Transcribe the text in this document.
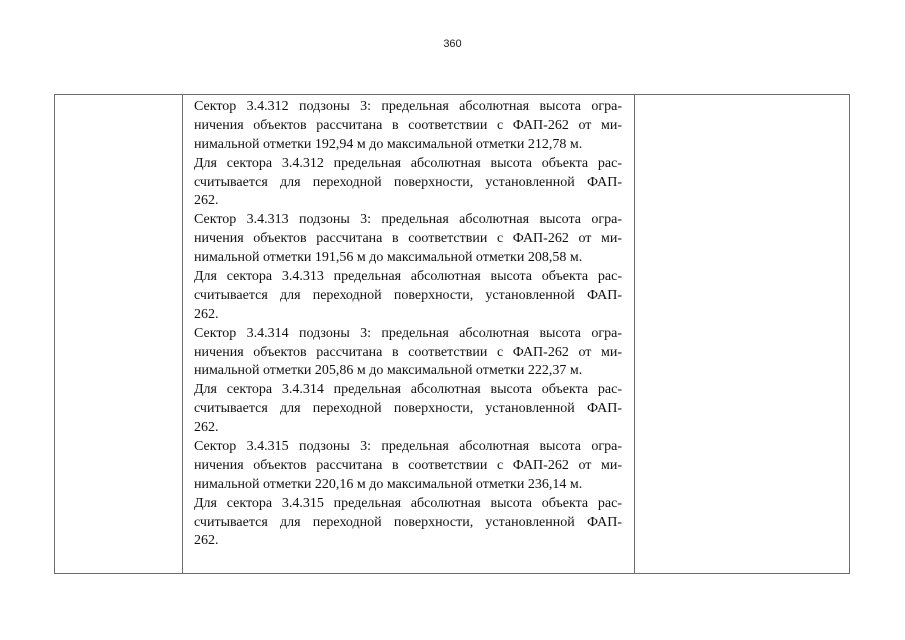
360
Сектор 3.4.312 подзоны 3: предельная абсолютная высота огра-
ничения объектов рассчитана в соответствии с ФАП-262 от ми-
нимальной отметки 192,94 м до максимальной отметки 212,78 м.
Для сектора 3.4.312 предельная абсолютная высота объекта рас-
считывается для переходной поверхности, установленной ФАП-
262.
Сектор 3.4.313 подзоны 3: предельная абсолютная высота огра-
ничения объектов рассчитана в соответствии с ФАП-262 от ми-
нимальной отметки 191,56 м до максимальной отметки 208,58 м.
Для сектора 3.4.313 предельная абсолютная высота объекта рас-
считывается для переходной поверхности, установленной ФАП-
262.
Сектор 3.4.314 подзоны 3: предельная абсолютная высота огра-
ничения объектов рассчитана в соответствии с ФАП-262 от ми-
нимальной отметки 205,86 м до максимальной отметки 222,37 м.
Для сектора 3.4.314 предельная абсолютная высота объекта рас-
считывается для переходной поверхности, установленной ФАП-
262.
Сектор 3.4.315 подзоны 3: предельная абсолютная высота огра-
ничения объектов рассчитана в соответствии с ФАП-262 от ми-
нимальной отметки 220,16 м до максимальной отметки 236,14 м.
Для сектора 3.4.315 предельная абсолютная высота объекта рас-
считывается для переходной поверхности, установленной ФАП-
262.
